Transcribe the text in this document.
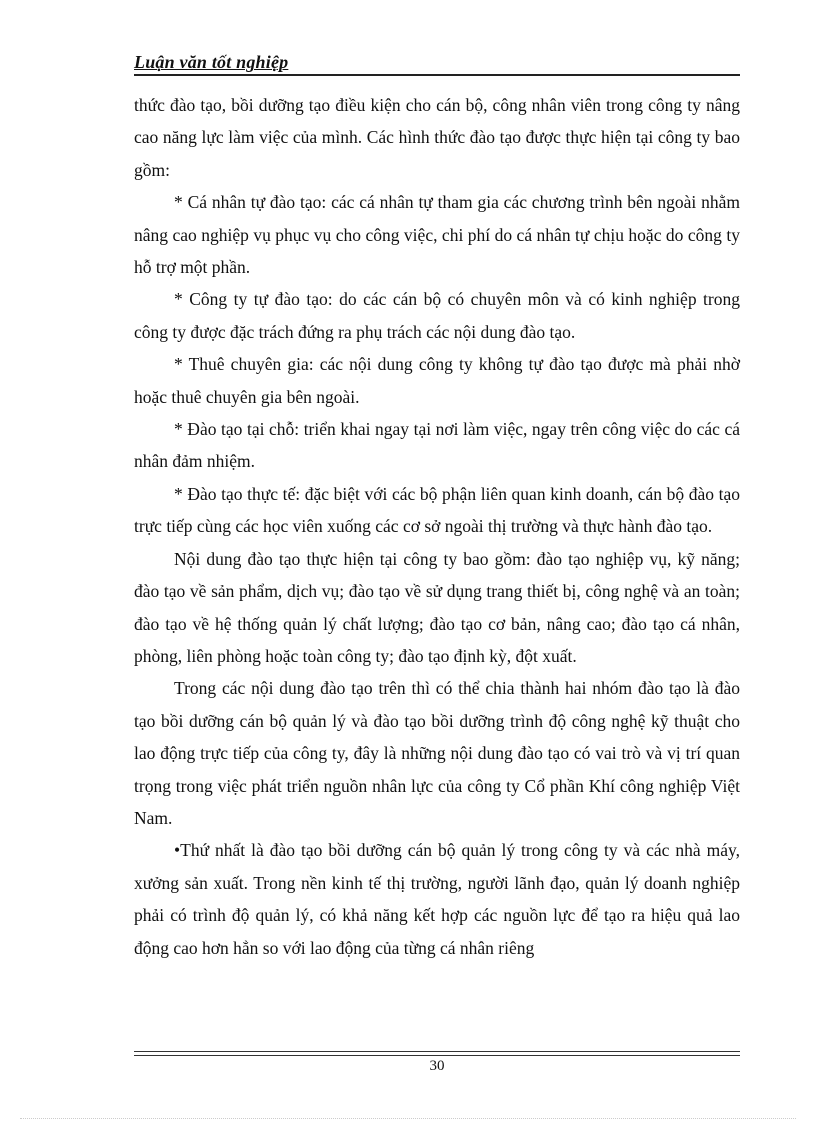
Luận văn tốt nghiệp

thức đào tạo, bồi dưỡng tạo điều kiện cho cán bộ, công nhân viên trong công ty nâng cao năng lực làm việc của mình. Các hình thức đào tạo được thực hiện tại công ty bao gồm:

* Cá nhân tự đào tạo: các cá nhân tự tham gia các chương trình bên ngoài nhằm nâng cao nghiệp vụ phục vụ cho công việc, chi phí do cá nhân tự chịu hoặc do công ty hỗ trợ một phần.

* Công ty tự đào tạo: do các cán bộ có chuyên môn và có kinh nghiệp trong công ty được đặc trách đứng ra phụ trách các nội dung đào tạo.

* Thuê chuyên gia: các nội dung công ty không tự đào tạo được mà phải nhờ hoặc thuê chuyên gia bên ngoài.

* Đào tạo tại chỗ: triển khai ngay tại nơi làm việc, ngay trên công việc do các cá nhân đảm nhiệm.

* Đào tạo thực tế: đặc biệt với các bộ phận liên quan kinh doanh, cán bộ đào tạo trực tiếp cùng các học viên xuống các cơ sở ngoài thị trường và thực hành đào tạo.

Nội dung đào tạo thực hiện tại công ty bao gồm: đào tạo nghiệp vụ, kỹ năng; đào tạo về sản phẩm, dịch vụ; đào tạo về sử dụng trang thiết bị, công nghệ và an toàn; đào tạo về hệ thống quản lý chất lượng; đào tạo cơ bản, nâng cao; đào tạo cá nhân, phòng, liên phòng hoặc toàn công ty; đào tạo định kỳ, đột xuất.

Trong các nội dung đào tạo trên thì có thể chia thành hai nhóm đào tạo là đào tạo bồi dưỡng cán bộ quản lý và đào tạo bồi dưỡng trình độ công nghệ kỹ thuật cho lao động trực tiếp của công ty, đây là những nội dung đào tạo có vai trò và vị trí quan trọng trong việc phát triển nguồn nhân lực của công ty Cổ phần Khí công nghiệp Việt Nam.

•Thứ nhất là đào tạo bồi dưỡng cán bộ quản lý trong công ty và các nhà máy, xưởng sản xuất. Trong nền kinh tế thị trường, người lãnh đạo, quản lý doanh nghiệp phải có trình độ quản lý, có khả năng kết hợp các nguồn lực để tạo ra hiệu quả lao động cao hơn hẳn so với lao động của từng cá nhân riêng

30
